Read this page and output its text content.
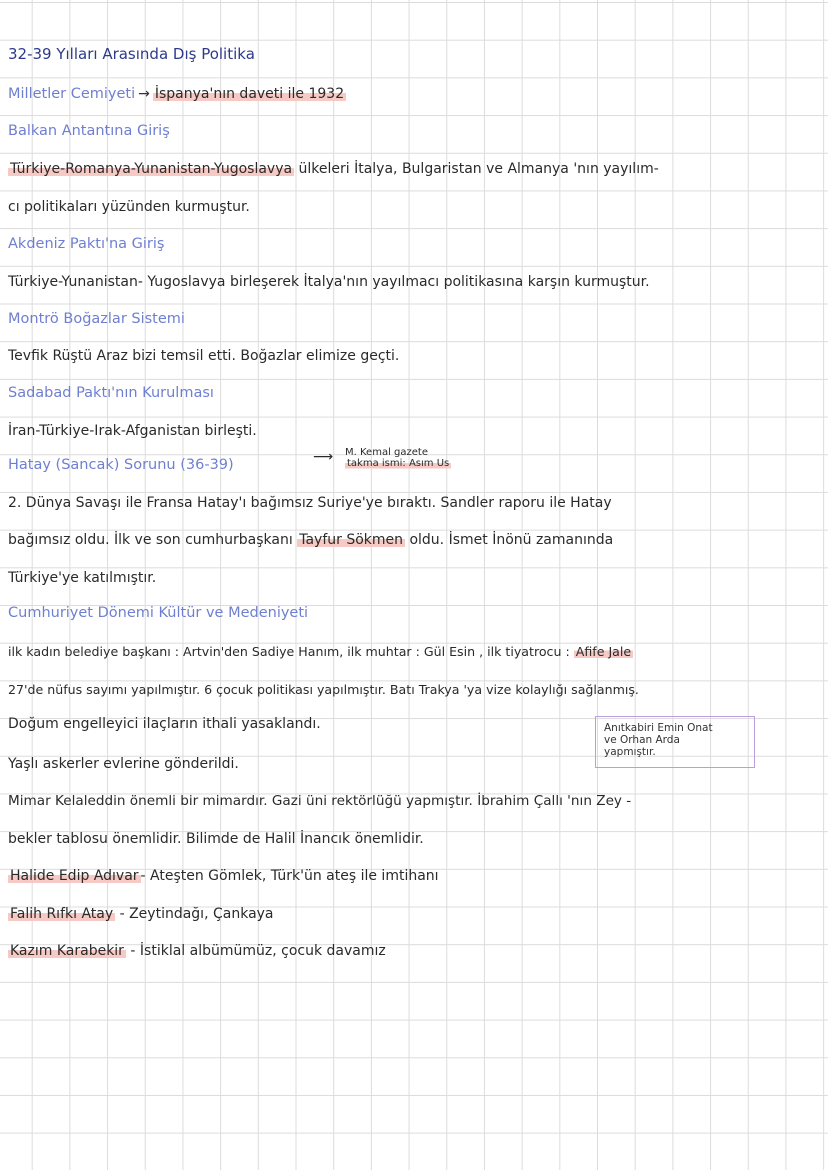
32-39 Yılları Arasında Dış Politika
Milletler Cemiyeti → İspanya'nın daveti ile 1932
Balkan Antantına Giriş
Türkiye-Romanya-Yunanistan-Yugoslavya ülkeleri İtalya, Bulgaristan ve Almanya 'nın yayılım-
cı politikaları yüzünden kurmuştur.
Akdeniz Paktı'na Giriş
Türkiye-Yunanistan- Yugoslavya birleşerek İtalya'nın yayılmacı politikasına karşın kurmuştur.
Montrö Boğazlar Sistemi
Tevfik Rüştü Araz bizi temsil etti. Boğazlar elimize geçti.
Sadabad Paktı'nın Kurulması
İran-Türkiye-Irak-Afganistan birleşti.
Hatay (Sancak) Sorunu (36-39)	⟶ M. Kemal gazete
takma ismi: Asım Us
2. Dünya Savaşı ile Fransa Hatay'ı bağımsız Suriye'ye bıraktı. Sandler raporu ile Hatay
bağımsız oldu. İlk ve son cumhurbaşkanı Tayfur Sökmen oldu. İsmet İnönü zamanında
Türkiye'ye katılmıştır.
Cumhuriyet Dönemi Kültür ve Medeniyeti
ilk kadın belediye başkanı : Artvin'den Sadiye Hanım, ilk muhtar : Gül Esin , ilk tiyatrocu : Afife Jale
27'de nüfus sayımı yapılmıştır. 6 çocuk politikası yapılmıştır. Batı Trakya 'ya vize kolaylığı sağlanmış.
Doğum engelleyici ilaçların ithali yasaklandı.
Yaşlı askerler evlerine gönderildi.
Anıtkabiri Emin Onat
ve Orhan Arda
yapmıştır.
Mimar Kelaleddin önemli bir mimardır. Gazi üni rektörlüğü yapmıştır. İbrahim Çallı 'nın Zey -
bekler tablosu önemlidir. Bilimde de Halil İnancık önemlidir.
Halide Edip Adıvar - Ateşten Gömlek, Türk'ün ateş ile imtihanı
Falih Rıfkı Atay - Zeytindağı, Çankaya
Kazım Karabekir - İstiklal albümümüz, çocuk davamız
